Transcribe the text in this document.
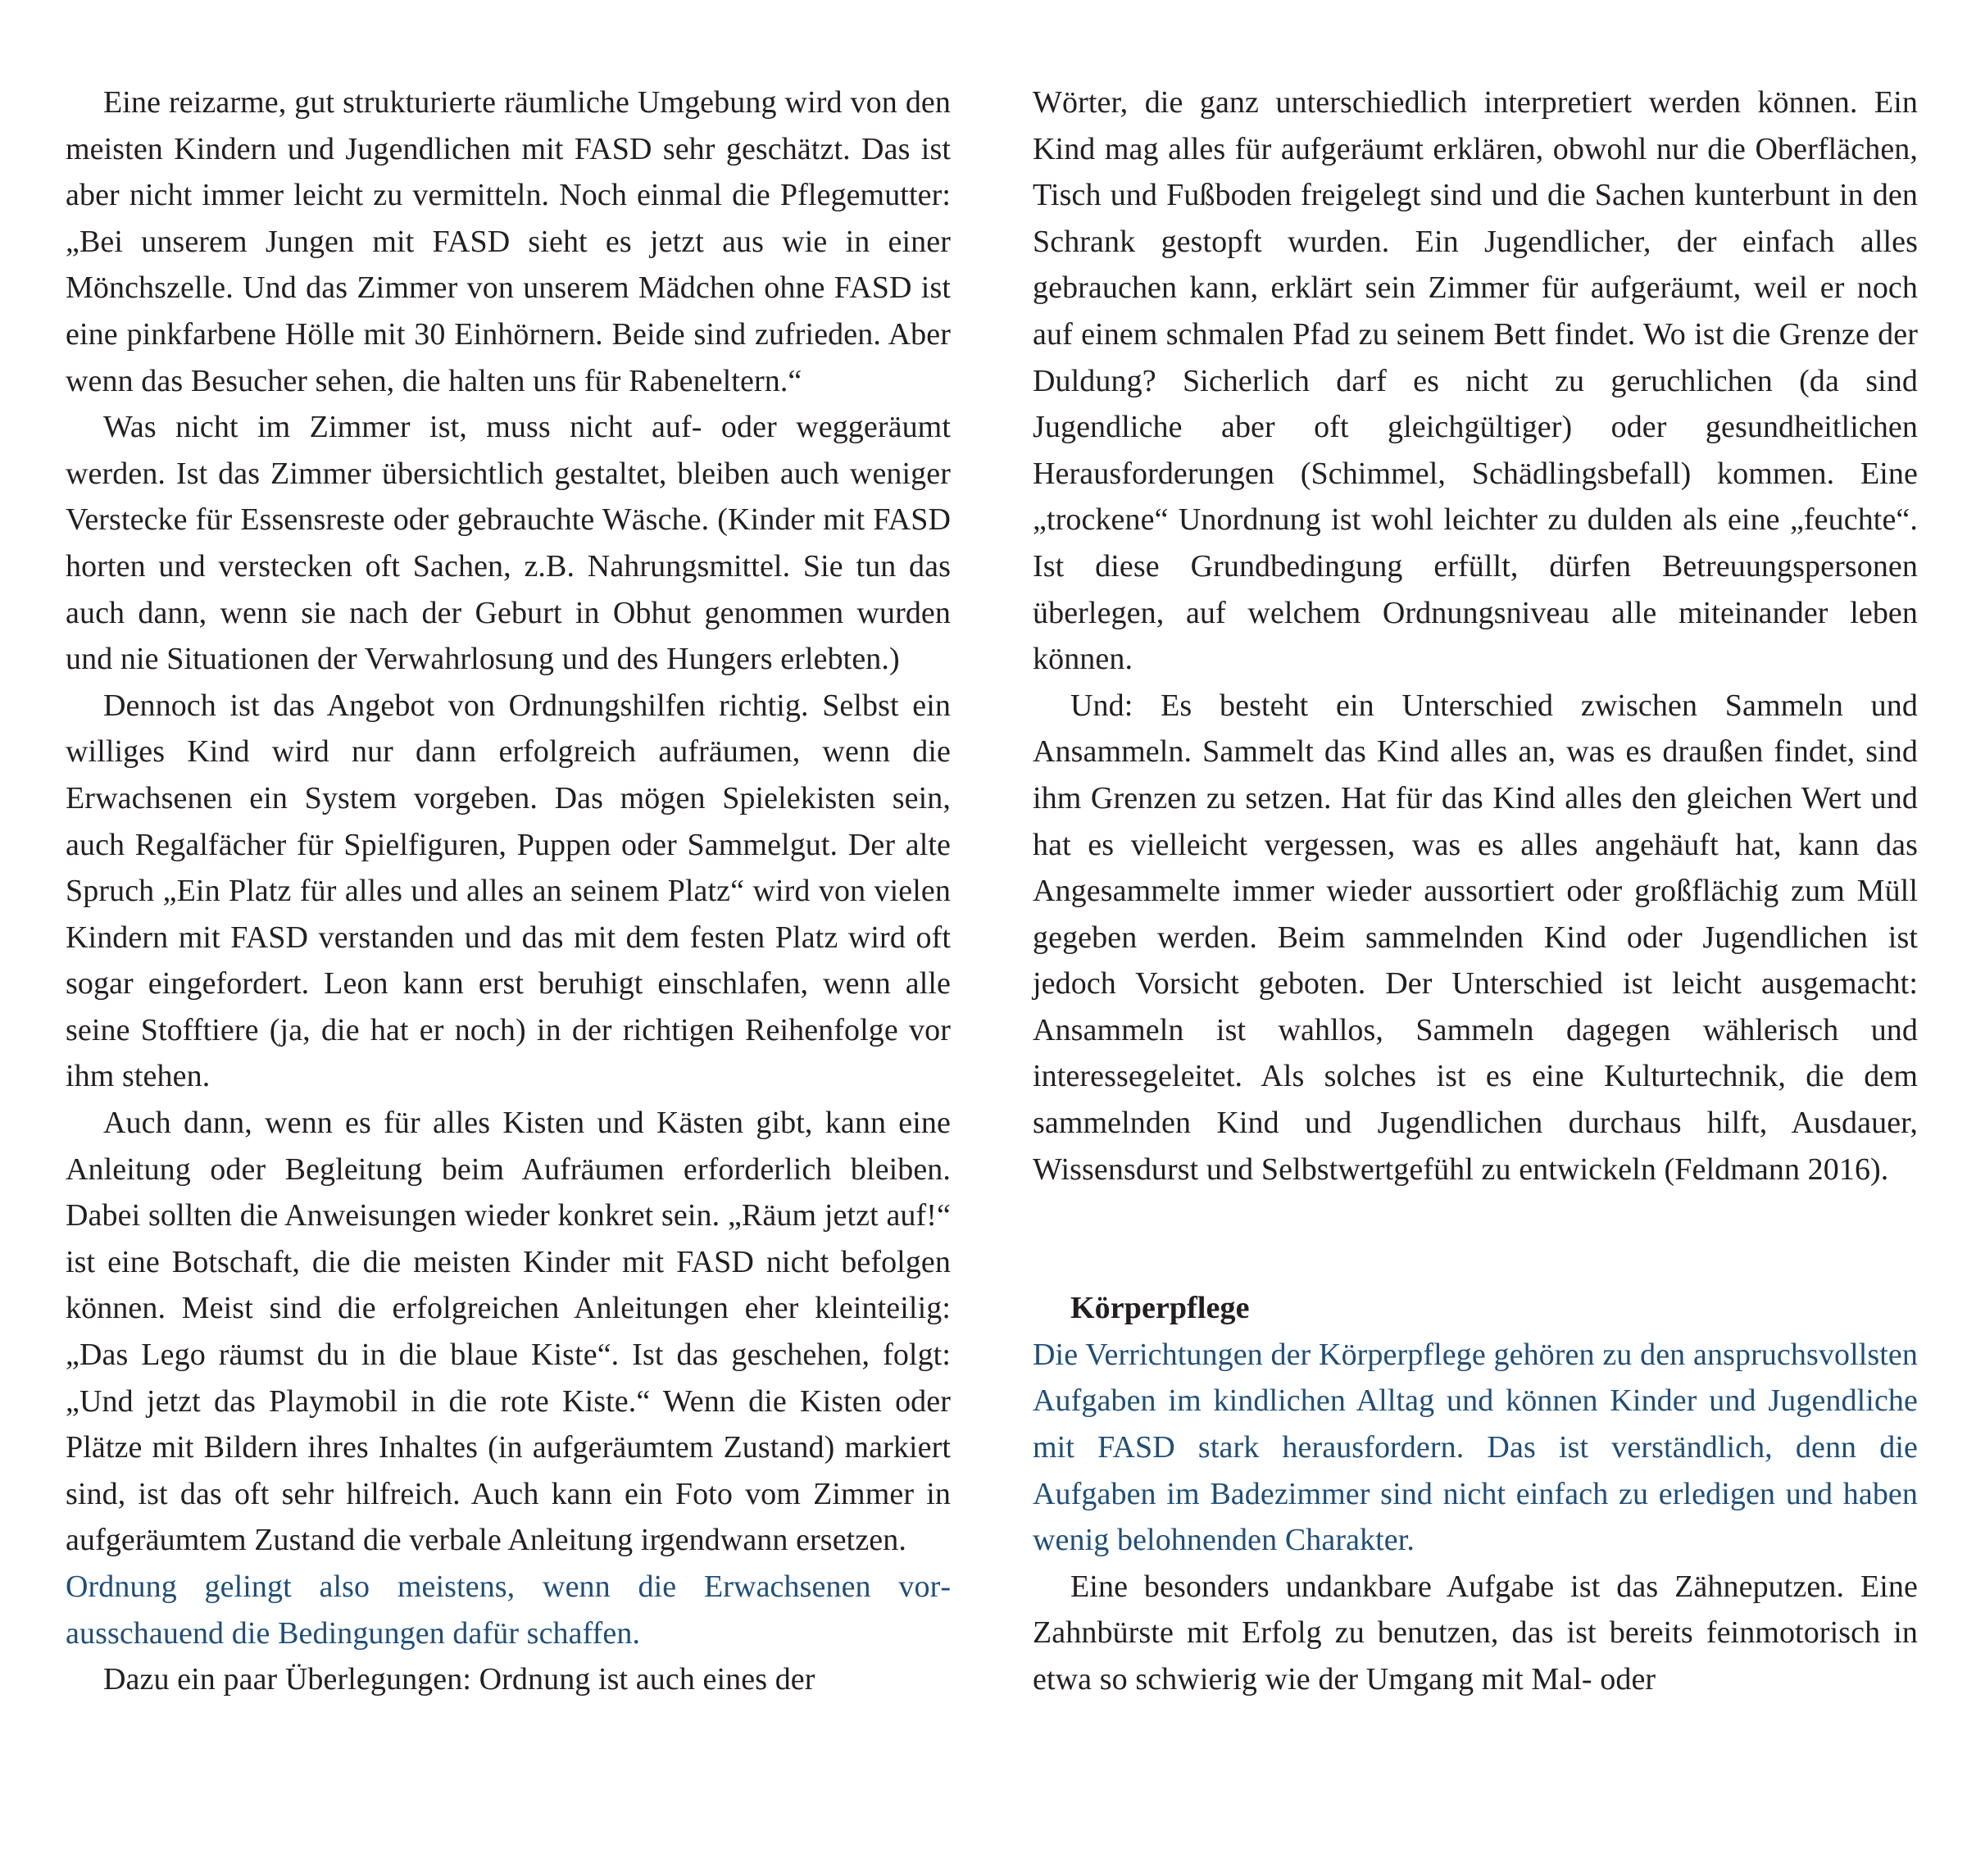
Eine reizarme, gut strukturierte räumliche Umgebung wird von den meisten Kindern und Jugendlichen mit FASD sehr geschätzt. Das ist aber nicht immer leicht zu vermitteln. Noch einmal die Pflegemutter: „Bei unserem Jungen mit FASD sieht es jetzt aus wie in einer Mönchszelle. Und das Zimmer von unserem Mädchen ohne FASD ist eine pinkfarbene Hölle mit 30 Einhörnern. Beide sind zufrieden. Aber wenn das Besucher sehen, die halten uns für Rabeneltern.“

Was nicht im Zimmer ist, muss nicht auf- oder weggeräumt werden. Ist das Zimmer übersichtlich gestaltet, bleiben auch weniger Verstecke für Essensreste oder gebrauchte Wäsche. (Kinder mit FASD horten und verstecken oft Sachen, z.B. Nahrungsmittel. Sie tun das auch dann, wenn sie nach der Geburt in Obhut genommen wurden und nie Situationen der Verwahrlosung und des Hungers erlebten.)

Dennoch ist das Angebot von Ordnungshilfen richtig. Selbst ein williges Kind wird nur dann erfolgreich aufräumen, wenn die Erwachsenen ein System vorgeben. Das mögen Spielekisten sein, auch Regalfächer für Spielfiguren, Puppen oder Sammelgut. Der alte Spruch „Ein Platz für alles und alles an seinem Platz“ wird von vielen Kindern mit FASD verstanden und das mit dem festen Platz wird oft sogar eingefordert. Leon kann erst beruhigt einschlafen, wenn alle seine Stofftiere (ja, die hat er noch) in der richtigen Reihenfolge vor ihm stehen.

Auch dann, wenn es für alles Kisten und Kästen gibt, kann eine Anleitung oder Begleitung beim Aufräumen erforderlich bleiben. Dabei sollten die Anweisungen wieder konkret sein. „Räum jetzt auf!“ ist eine Botschaft, die die meisten Kinder mit FASD nicht befolgen können. Meist sind die erfolgreichen Anleitungen eher kleinteilig: „Das Lego räumst du in die blaue Kiste“. Ist das geschehen, folgt: „Und jetzt das Playmobil in die rote Kiste.“ Wenn die Kisten oder Plätze mit Bildern ihres Inhaltes (in aufgeräumtem Zustand) markiert sind, ist das oft sehr hilfreich. Auch kann ein Foto vom Zimmer in aufgeräumtem Zustand die verbale Anleitung irgendwann ersetzen.

Ordnung gelingt also meistens, wenn die Erwachsenen vorausschauend die Bedingungen dafür schaffen.

Dazu ein paar Überlegungen: Ordnung ist auch eines der

Wörter, die ganz unterschiedlich interpretiert werden können. Ein Kind mag alles für aufgeräumt erklären, obwohl nur die Oberflächen, Tisch und Fußboden freigelegt sind und die Sachen kunterbunt in den Schrank gestopft wurden. Ein Jugendlicher, der einfach alles gebrauchen kann, erklärt sein Zimmer für aufgeräumt, weil er noch auf einem schmalen Pfad zu seinem Bett findet. Wo ist die Grenze der Duldung? Sicherlich darf es nicht zu geruchlichen (da sind Jugendliche aber oft gleichgültiger) oder gesundheitlichen Herausforderungen (Schimmel, Schädlingsbefall) kommen. Eine „trockene“ Unordnung ist wohl leichter zu dulden als eine „feuchte“. Ist diese Grundbedingung erfüllt, dürfen Betreuungspersonen überlegen, auf welchem Ordnungsniveau alle miteinander leben können.

Und: Es besteht ein Unterschied zwischen Sammeln und Ansammeln. Sammelt das Kind alles an, was es draußen findet, sind ihm Grenzen zu setzen. Hat für das Kind alles den gleichen Wert und hat es vielleicht vergessen, was es alles angehäuft hat, kann das Angesammelte immer wieder aussortiert oder großflächig zum Müll gegeben werden. Beim sammelnden Kind oder Jugendlichen ist jedoch Vorsicht geboten. Der Unterschied ist leicht ausgemacht: Ansammeln ist wahllos, Sammeln dagegen wählerisch und interessegeleitet. Als solches ist es eine Kulturtechnik, die dem sammelnden Kind und Jugendlichen durchaus hilft, Ausdauer, Wissensdurst und Selbstwertgefühl zu entwickeln (Feldmann 2016).

Körperpflege

Die Verrichtungen der Körperpflege gehören zu den anspruchsvollsten Aufgaben im kindlichen Alltag und können Kinder und Jugendliche mit FASD stark herausfordern. Das ist verständlich, denn die Aufgaben im Badezimmer sind nicht einfach zu erledigen und haben wenig belohnenden Charakter.

Eine besonders undankbare Aufgabe ist das Zähneputzen. Eine Zahnbürste mit Erfolg zu benutzen, das ist bereits feinmotorisch in etwa so schwierig wie der Umgang mit Mal- oder
